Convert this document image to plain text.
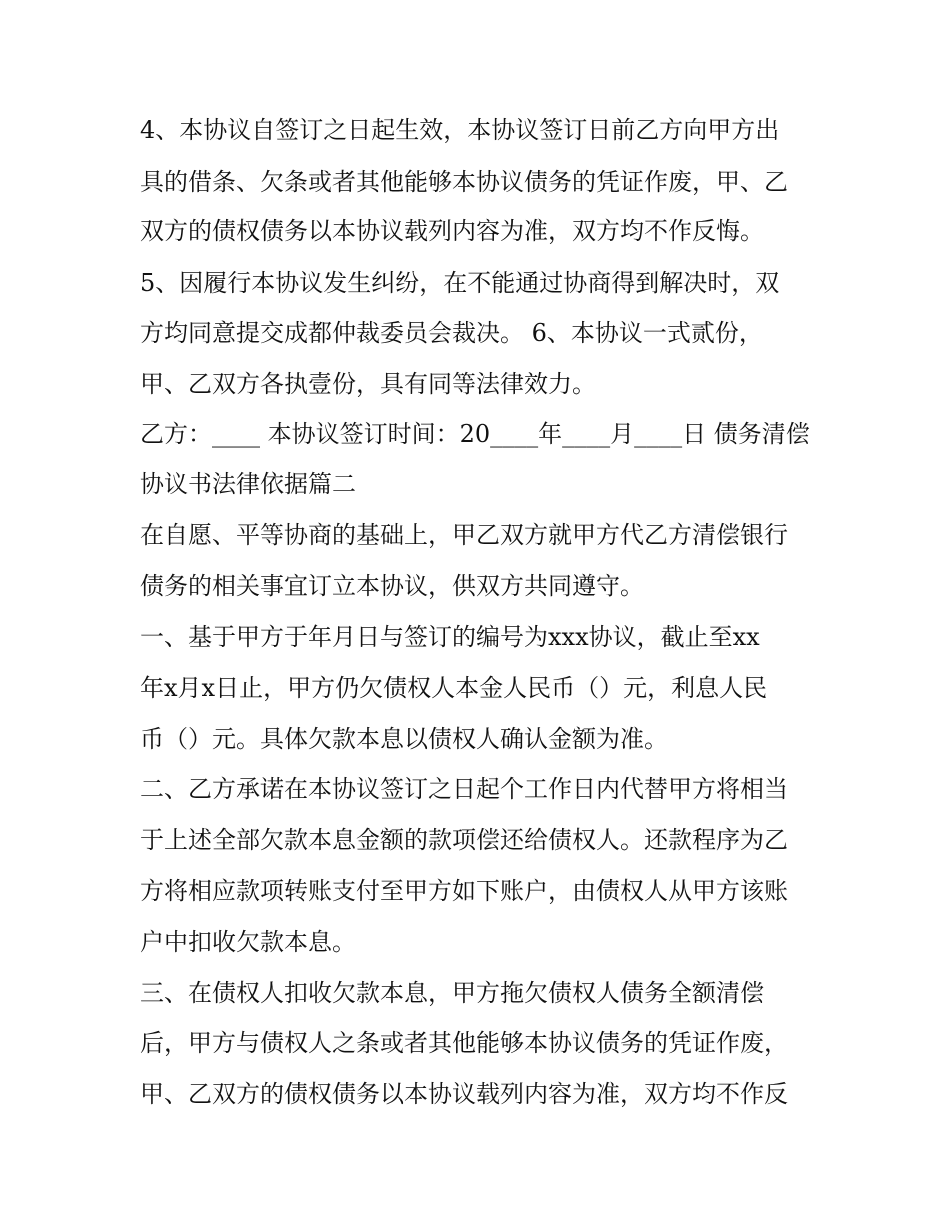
4、本协议自签订之日起生效，本协议签订日前乙方向甲方出
具的借条、欠条或者其他能够本协议债务的凭证作废，甲、乙
双方的债权债务以本协议载列内容为准，双方均不作反悔。
5、因履行本协议发生纠纷，在不能通过协商得到解决时，双
方均同意提交成都仲裁委员会裁决。 6、本协议一式贰份，
甲、乙双方各执壹份，具有同等法律效力。
乙方：____ 本协议签订时间：20____年____月____日 债务清偿
协议书法律依据篇二
在自愿、平等协商的基础上，甲乙双方就甲方代乙方清偿银行
债务的相关事宜订立本协议，供双方共同遵守。
一、基于甲方于年月日与签订的编号为xxx协议，截止至xx
年x月x日止，甲方仍欠债权人本金人民币（）元，利息人民
币（）元。具体欠款本息以债权人确认金额为准。
二、乙方承诺在本协议签订之日起个工作日内代替甲方将相当
于上述全部欠款本息金额的款项偿还给债权人。还款程序为乙
方将相应款项转账支付至甲方如下账户，由债权人从甲方该账
户中扣收欠款本息。
三、在债权人扣收欠款本息，甲方拖欠债权人债务全额清偿
后，甲方与债权人之条或者其他能够本协议债务的凭证作废，
甲、乙双方的债权债务以本协议载列内容为准，双方均不作反
